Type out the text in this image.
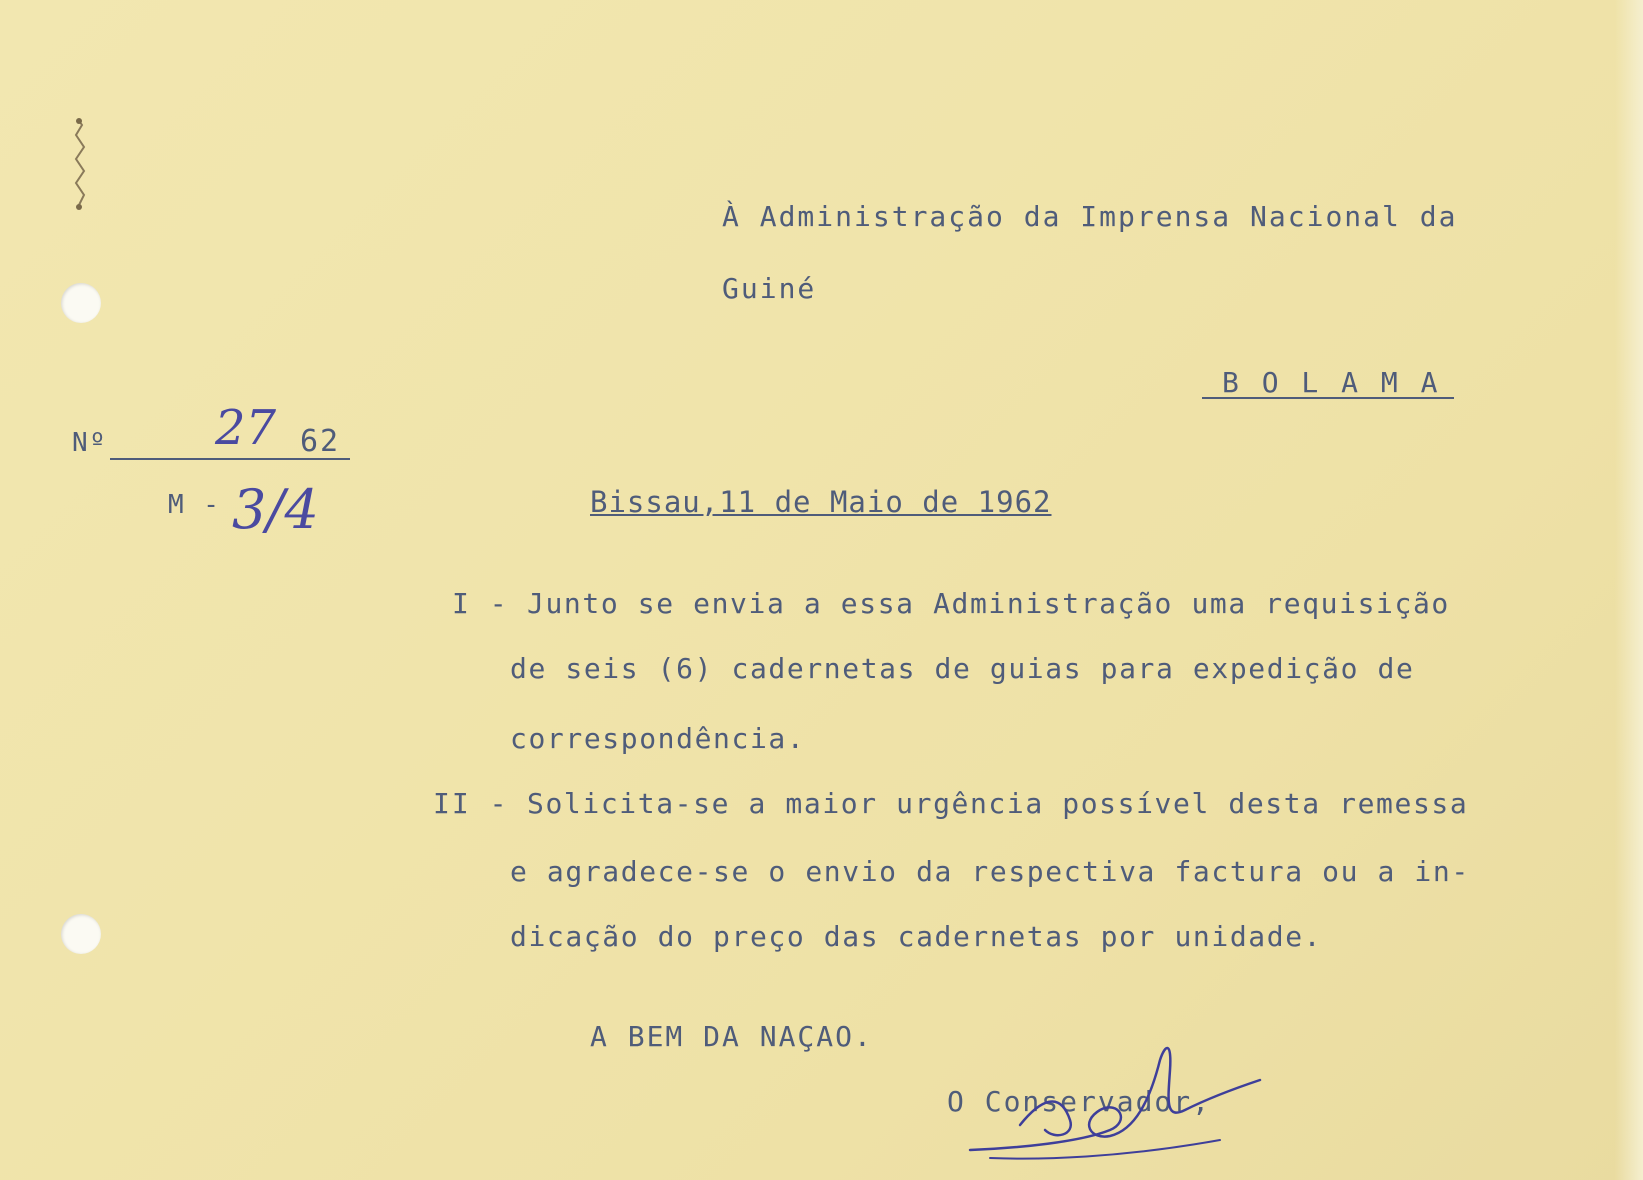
À Administração da Imprensa Nacional da
Guiné
B O L A M A
Nº 27 62
M - 3/4	Bissau,11 de Maio de 1962
I - Junto se envia a essa Administração uma requisição
de seis (6) cadernetas de guias para expedição de
correspondência.
II - Solicita-se a maior urgência possível desta remessa
e agradece-se o envio da respectiva factura ou a in-
dicação do preço das cadernetas por unidade.
A BEM DA NAÇAO.
O Conservador,
